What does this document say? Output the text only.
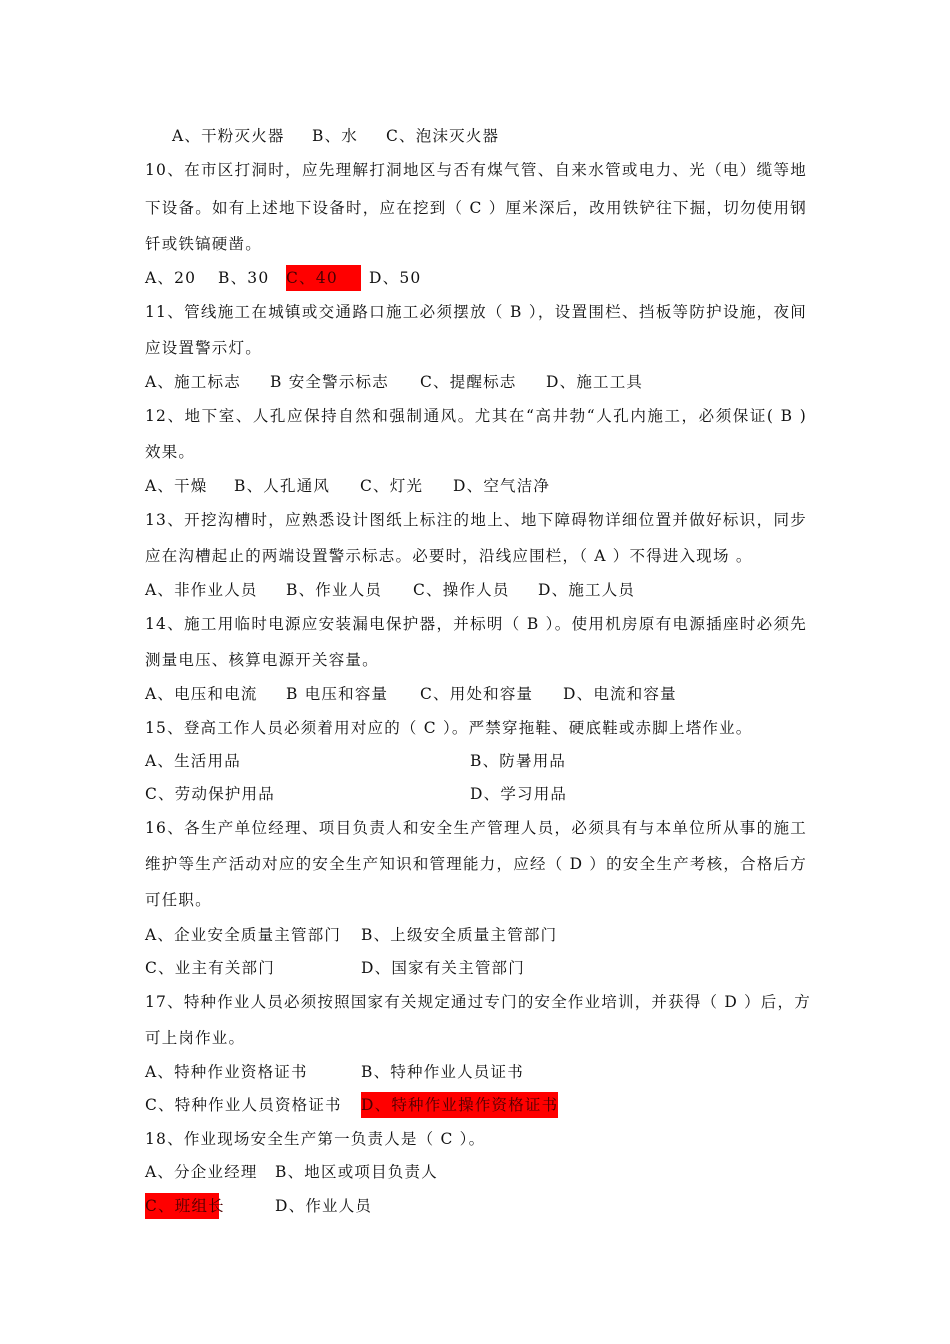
A、干粉灭火器 B、水 C、泡沫灭火器
10、在市区打洞时，应先理解打洞地区与否有煤气管、自来水管或电力、光（电）缆等地
下设备。如有上述地下设备时，应在挖到（ C ）厘米深后，改用铁铲往下掘，切勿使用钢
钎或铁镐硬凿。
A、20 B、30 C、40	D、50
11、管线施工在城镇或交通路口施工必须摆放（ B ），设置围栏、挡板等防护设施，夜间
应设置警示灯。
A、施工标志 B 安全警示标志 C、提醒标志 D、施工工具
12、地下室、人孔应保持自然和强制通风。尤其在“高井勃“人孔内施工，必须保证( B )
效果。
A、干燥 B、人孔通风 C、灯光 D、空气洁净
13、开挖沟槽时，应熟悉设计图纸上标注的地上、地下障碍物详细位置并做好标识，同步
应在沟槽起止的两端设置警示标志。必要时，沿线应围栏，（ A ）不得进入现场 。
A、非作业人员 B、作业人员 C、操作人员 D、施工人员
14、施工用临时电源应安装漏电保护器，并标明（ B ）。使用机房原有电源插座时必须先
测量电压、核算电源开关容量。
A、电压和电流 B 电压和容量 C、用处和容量 D、电流和容量
15、登高工作人员必须着用对应的（ C ）。严禁穿拖鞋、硬底鞋或赤脚上塔作业。
A、生活用品	B、防暑用品
C、劳动保护用品	D、学习用品
16、各生产单位经理、项目负责人和安全生产管理人员，必须具有与本单位所从事的施工
维护等生产活动对应的安全生产知识和管理能力，应经（ D ）的安全生产考核，合格后方
可任职。
A、企业安全质量主管部门 B、上级安全质量主管部门
C、业主有关部门	D、国家有关主管部门
17、特种作业人员必须按照国家有关规定通过专门的安全作业培训，并获得（ D ）后，方
可上岗作业。
A、特种作业资格证书	B、特种作业人员证书
C、特种作业人员资格证书 D、特种作业操作资格证书
18、作业现场安全生产第一负责人是（ C ）。
A、分企业经理 B、地区或项目负责人
C、班组长	D、作业人员
